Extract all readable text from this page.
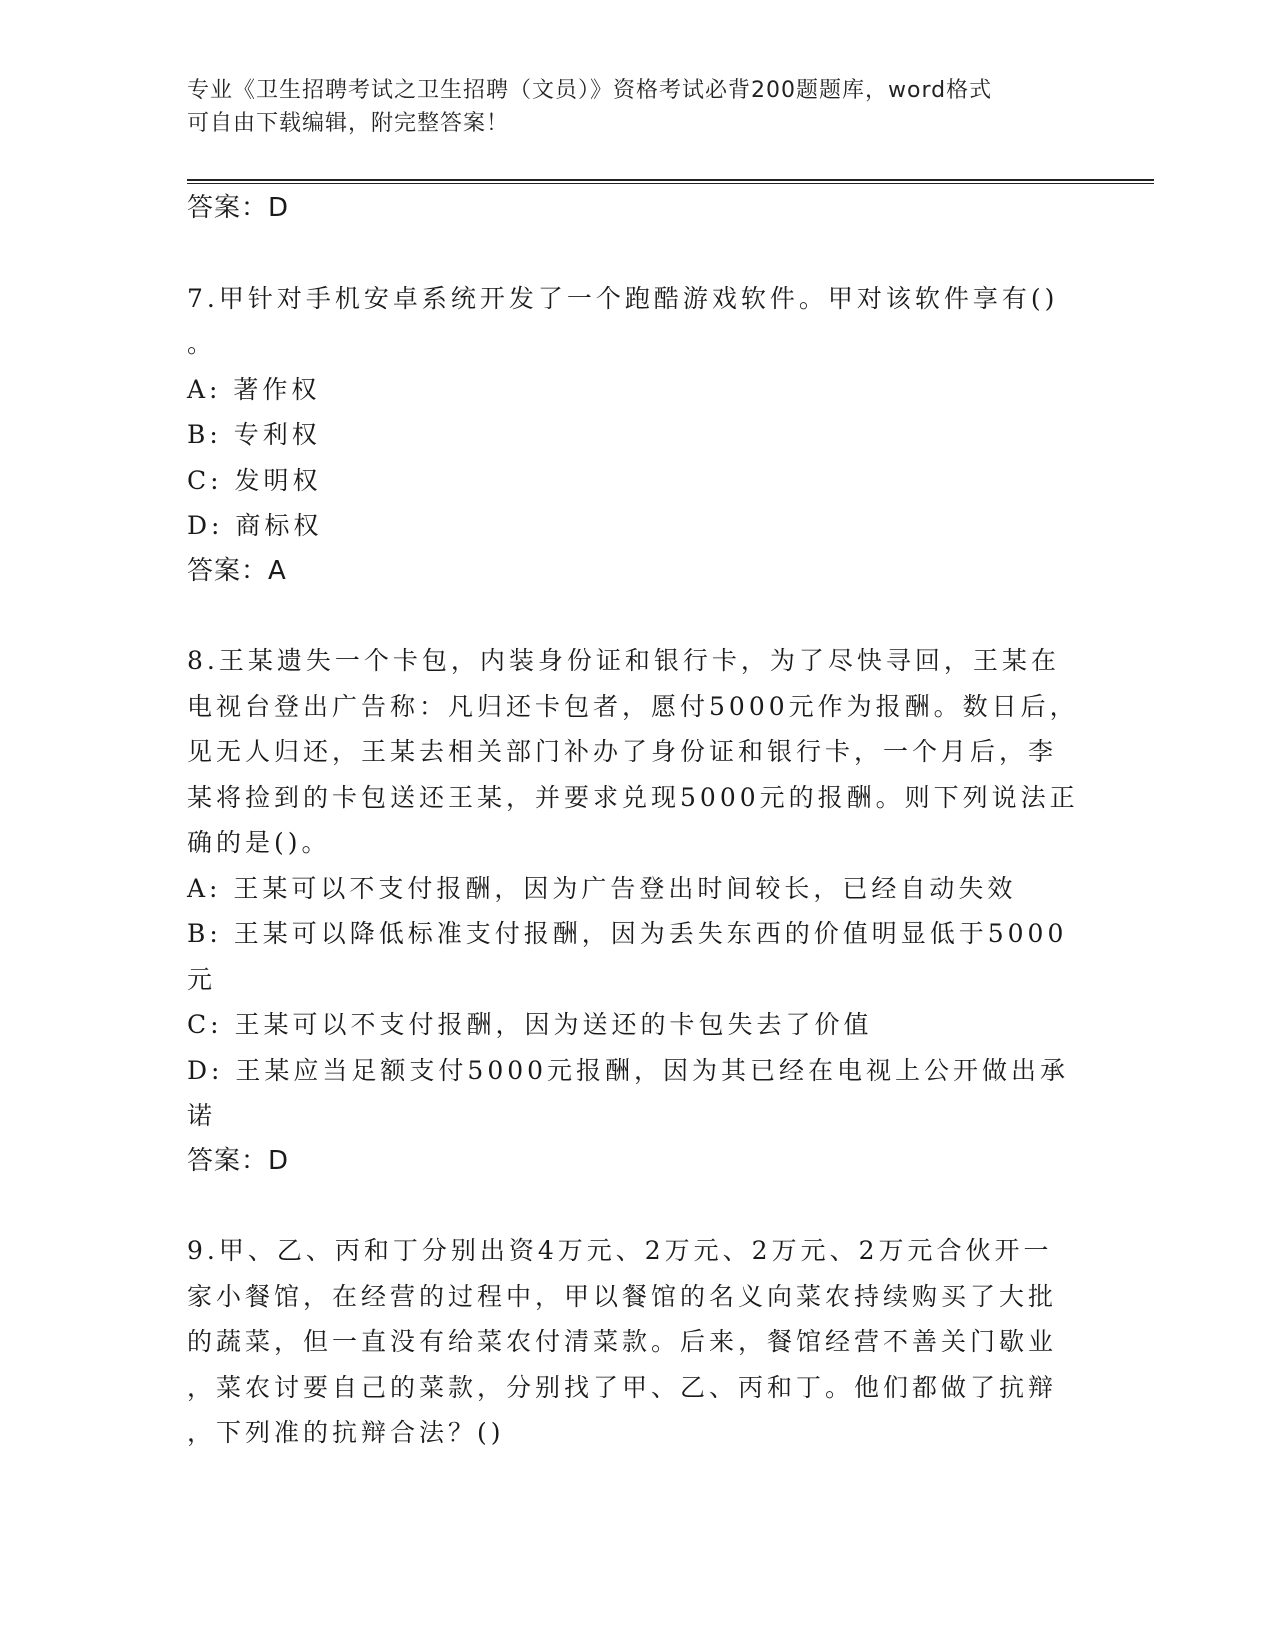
专业《卫生招聘考试之卫生招聘（文员）》资格考试必背200题题库，word格式
可自由下载编辑，附完整答案！
答案：D
7.甲针对手机安卓系统开发了一个跑酷游戏软件。甲对该软件享有()
。
A: 著作权
B: 专利权
C: 发明权
D: 商标权
答案：A
8.王某遗失一个卡包，内装身份证和银行卡，为了尽快寻回，王某在
电视台登出广告称：凡归还卡包者，愿付5000元作为报酬。数日后，
见无人归还，王某去相关部门补办了身份证和银行卡，一个月后，李
某将捡到的卡包送还王某，并要求兑现5000元的报酬。则下列说法正
确的是()。
A: 王某可以不支付报酬，因为广告登出时间较长，已经自动失效
B: 王某可以降低标准支付报酬，因为丢失东西的价值明显低于5000
元
C: 王某可以不支付报酬，因为送还的卡包失去了价值
D: 王某应当足额支付5000元报酬，因为其已经在电视上公开做出承
诺
答案：D
9.甲、乙、丙和丁分别出资4万元、2万元、2万元、2万元合伙开一
家小餐馆，在经营的过程中，甲以餐馆的名义向菜农持续购买了大批
的蔬菜，但一直没有给菜农付清菜款。后来，餐馆经营不善关门歇业
，菜农讨要自己的菜款，分别找了甲、乙、丙和丁。他们都做了抗辩
，下列准的抗辩合法？()
